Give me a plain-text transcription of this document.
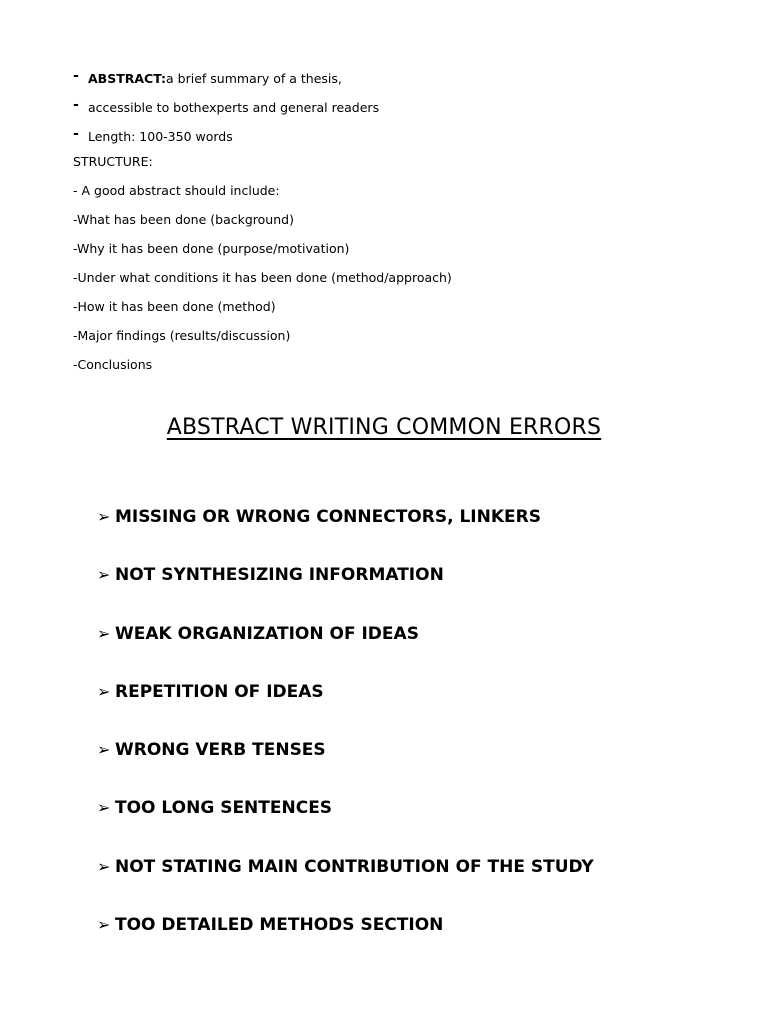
- ABSTRACT: a brief summary of a thesis,
- accessible to bothexperts and general readers
- Length: 100-350 words
STRUCTURE:
- A good abstract should include:
-What has been done (background)
-Why it has been done (purpose/motivation)
-Under what conditions it has been done (method/approach)
-How it has been done (method)
-Major findings (results/discussion)
-Conclusions
ABSTRACT WRITING COMMON ERRORS
➢ MISSING OR WRONG CONNECTORS, LINKERS
➢ NOT SYNTHESIZING INFORMATION
➢ WEAK ORGANIZATION OF IDEAS
➢ REPETITION OF IDEAS
➢ WRONG VERB TENSES
➢ TOO LONG SENTENCES
➢ NOT STATING MAIN CONTRIBUTION OF THE STUDY
➢ TOO DETAILED METHODS SECTION
